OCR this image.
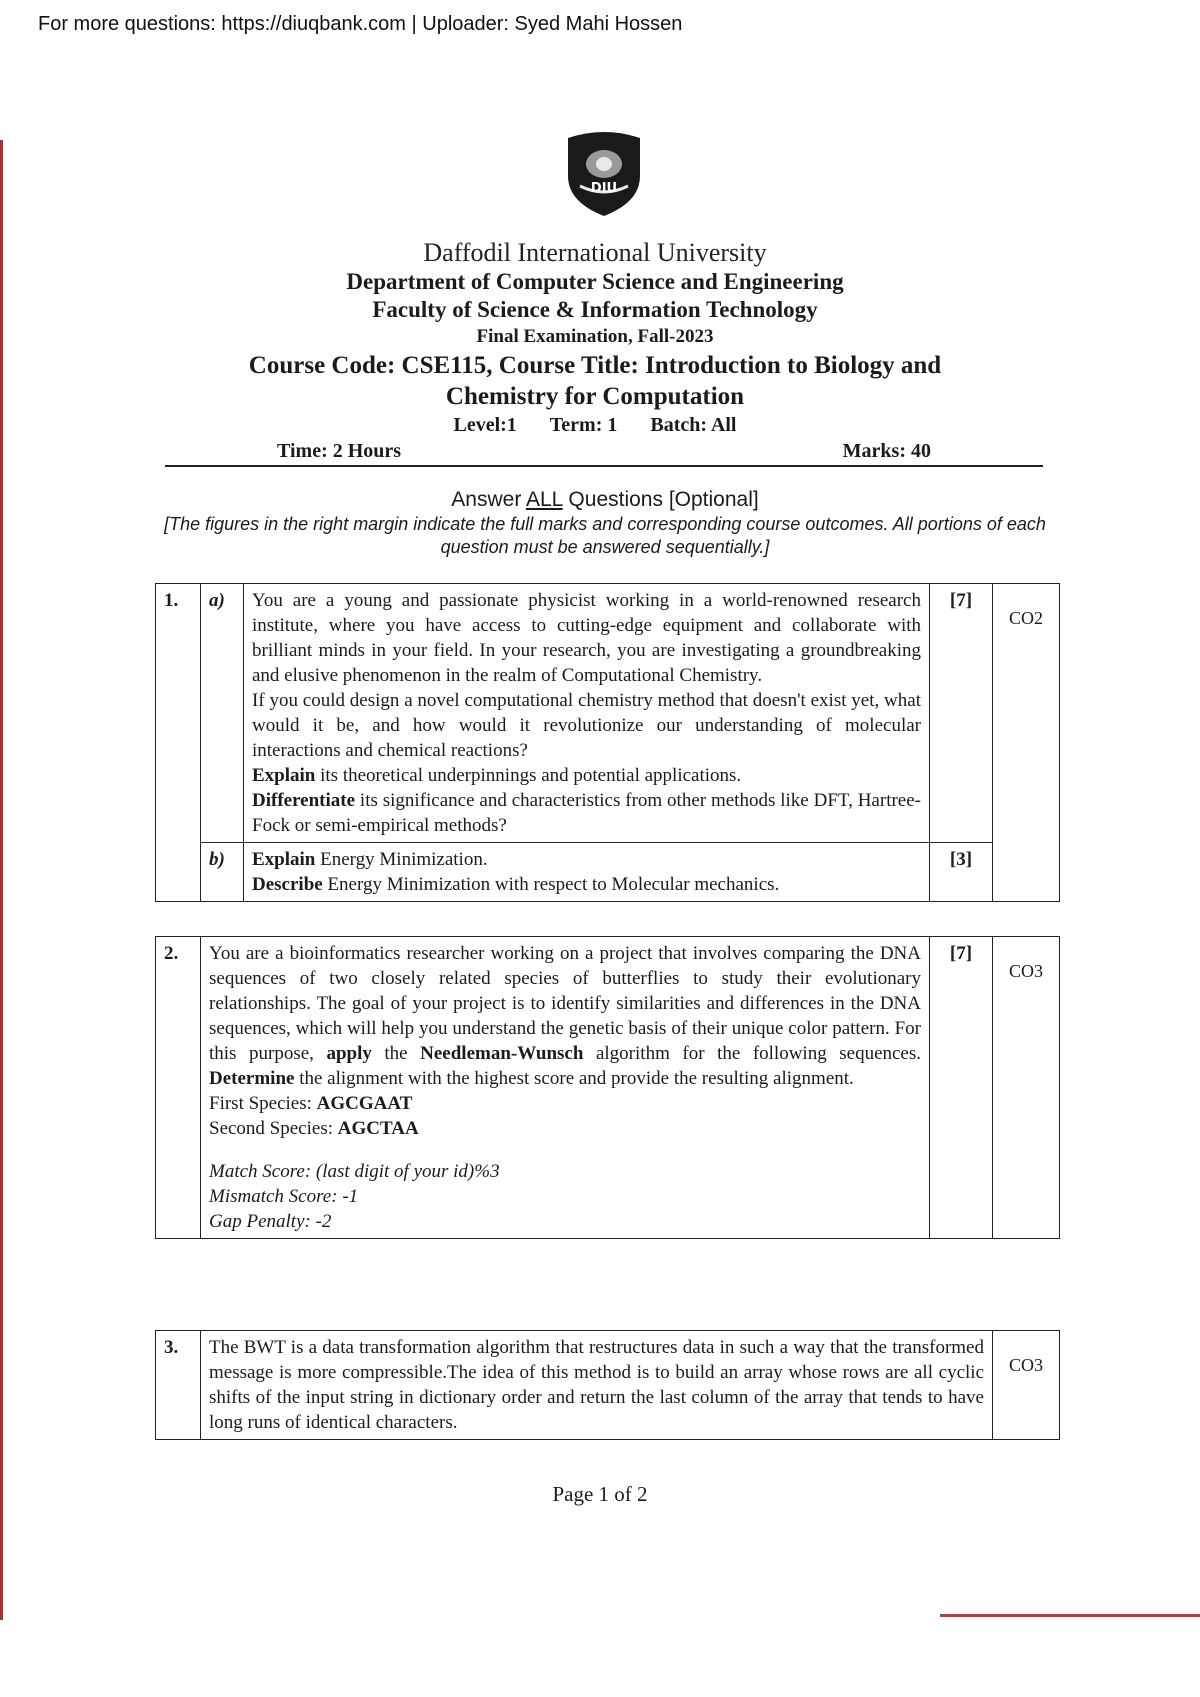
For more questions: https://diuqbank.com | Uploader: Syed Mahi Hossen
DIU
Daffodil International University
Department of Computer Science and Engineering
Faculty of Science & Information Technology
Final Examination, Fall-2023
Course Code: CSE115, Course Title: Introduction to Biology and
Chemistry for Computation
Level:1 Term: 1 Batch: All
Time: 2 Hours	Marks: 40
Answer ALL Questions [Optional]
[The figures in the right margin indicate the full marks and corresponding course outcomes. All portions of each question must be answered sequentially.]
1.	a)	You are a young and passionate physicist working in a world-renowned research institute, where you have access to cutting-edge equipment and collaborate with brilliant minds in your field. In your research, you are investigating a groundbreaking and elusive phenomenon in the realm of Computational Chemistry.

If you could design a novel computational chemistry method that doesn't exist yet, what would it be, and how would it revolutionize our understanding of molecular interactions and chemical reactions?

Explain its theoretical underpinnings and potential applications.

Differentiate its significance and characteristics from other methods like DFT, Hartree-Fock or semi-empirical methods?	[7]	CO2
	b)	Explain Energy Minimization.

Describe Energy Minimization with respect to Molecular mechanics.	[3]	
2.	You are a bioinformatics researcher working on a project that involves comparing the DNA sequences of two closely related species of butterflies to study their evolutionary relationships. The goal of your project is to identify similarities and differences in the DNA sequences, which will help you understand the genetic basis of their unique color pattern. For this purpose, apply the Needleman-Wunsch algorithm for the following sequences. Determine the alignment with the highest score and provide the resulting alignment.

First Species: AGCGAAT

Second Species: AGCTAA

Match Score: (last digit of your id)%3

Mismatch Score: -1

Gap Penalty: -2

	[7]	CO3
3.	The BWT is a data transformation algorithm that restructures data in such a way that the transformed message is more compressible.The idea of this method is to build an array whose rows are all cyclic shifts of the input string in dictionary order and return the last column of the array that tends to have long runs of identical characters.

	CO3
Page 1 of 2
